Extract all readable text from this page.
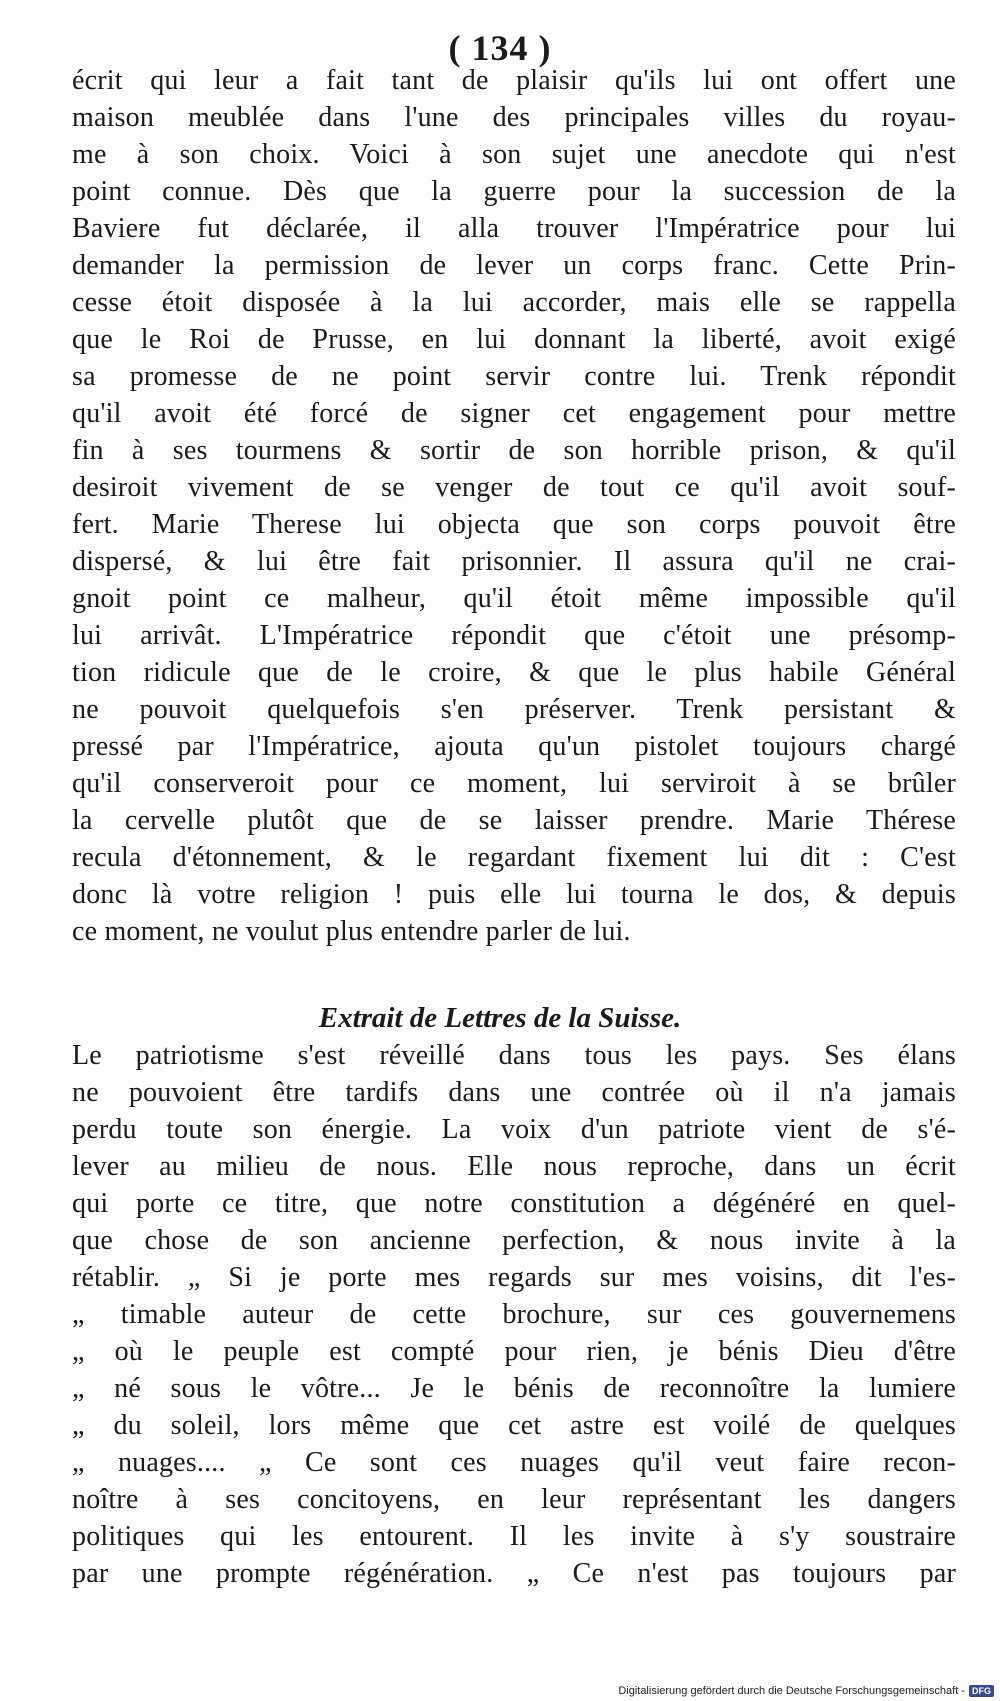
( 134 )
écrit qui leur a fait tant de plaisir qu'ils lui ont offert une
maison meublée dans l'une des principales villes du royau-
me à son choix. Voici à son sujet une anecdote qui n'est
point connue. Dès que la guerre pour la succession de la
Baviere fut déclarée, il alla trouver l'Impératrice pour lui
demander la permission de lever un corps franc. Cette Prin-
cesse étoit disposée à la lui accorder, mais elle se rappella
que le Roi de Prusse, en lui donnant la liberté, avoit exigé
sa promesse de ne point servir contre lui. Trenk répondit
qu'il avoit été forcé de signer cet engagement pour mettre
fin à ses tourmens & sortir de son horrible prison, & qu'il
desiroit vivement de se venger de tout ce qu'il avoit souf-
fert. Marie Therese lui objecta que son corps pouvoit être
dispersé, & lui être fait prisonnier. Il assura qu'il ne crai-
gnoit point ce malheur, qu'il étoit même impossible qu'il
lui arrivât. L'Impératrice répondit que c'étoit une présomp-
tion ridicule que de le croire, & que le plus habile Général
ne pouvoit quelquefois s'en préserver. Trenk persistant &
pressé par l'Impératrice, ajouta qu'un pistolet toujours chargé
qu'il conserveroit pour ce moment, lui serviroit à se brûler
la cervelle plutôt que de se laisser prendre. Marie Thérese
recula d'étonnement, & le regardant fixement lui dit : C'est
donc là votre religion ! puis elle lui tourna le dos, & depuis
ce moment, ne voulut plus entendre parler de lui.
Extrait de Lettres de la Suisse.
Le patriotisme s'est réveillé dans tous les pays. Ses élans
ne pouvoient être tardifs dans une contrée où il n'a jamais
perdu toute son énergie. La voix d'un patriote vient de s'é-
lever au milieu de nous. Elle nous reproche, dans un écrit
qui porte ce titre, que notre constitution a dégénéré en quel-
que chose de son ancienne perfection, & nous invite à la
rétablir. „ Si je porte mes regards sur mes voisins, dit l'es-
„ timable auteur de cette brochure, sur ces gouvernemens
„ où le peuple est compté pour rien, je bénis Dieu d'être
„ né sous le vôtre... Je le bénis de reconnoître la lumiere
„ du soleil, lors même que cet astre est voilé de quelques
„ nuages.... „ Ce sont ces nuages qu'il veut faire recon-
noître à ses concitoyens, en leur représentant les dangers
politiques qui les entourent. Il les invite à s'y soustraire
par une prompte régénération. „ Ce n'est pas toujours par
Digitalisierung gefördert durch die Deutsche Forschungsgemeinschaft - DFG
